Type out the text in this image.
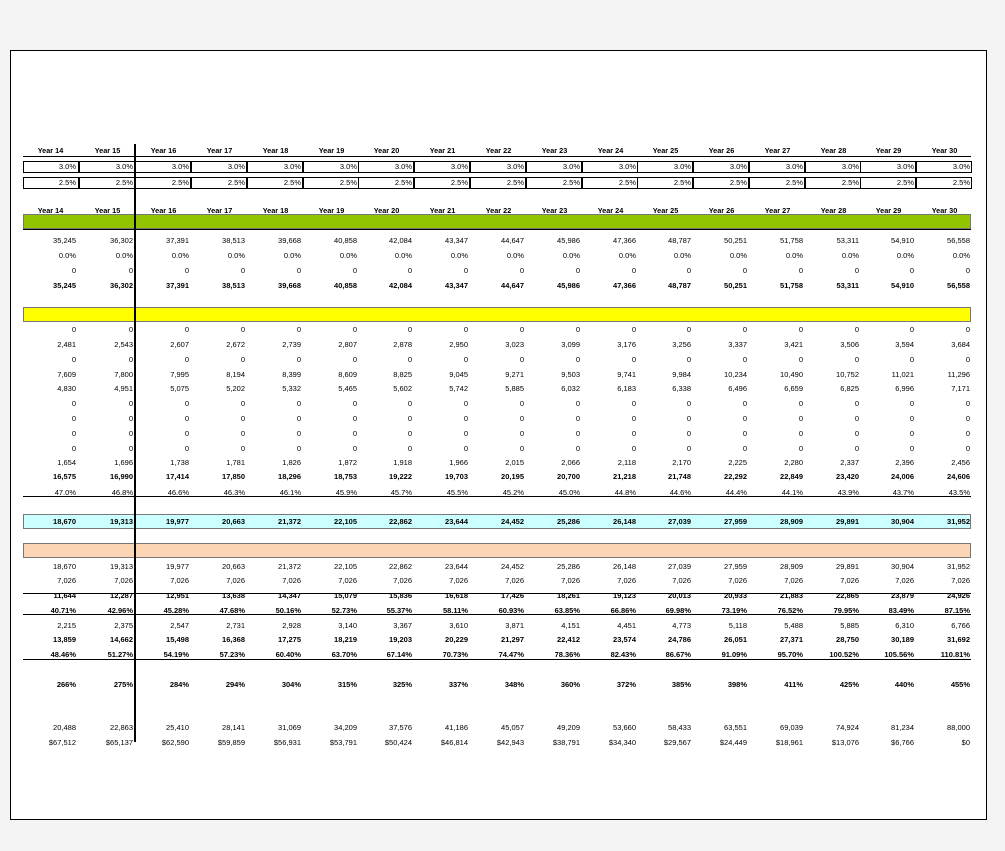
Year 14	Year 15	Year 16	Year 17	Year 18	Year 19	Year 20	Year 21	Year 22	Year 23	Year 24	Year 25	Year 26	Year 27	Year 28	Year 29	Year 30
3.0%	3.0%	3.0%	3.0%	3.0%	3.0%	3.0%	3.0%	3.0%	3.0%	3.0%	3.0%	3.0%	3.0%	3.0%	3.0%	3.0%
2.5%	2.5%	2.5%	2.5%	2.5%	2.5%	2.5%	2.5%	2.5%	2.5%	2.5%	2.5%	2.5%	2.5%	2.5%	2.5%	2.5%
Year 14	Year 15	Year 16	Year 17	Year 18	Year 19	Year 20	Year 21	Year 22	Year 23	Year 24	Year 25	Year 26	Year 27	Year 28	Year 29	Year 30
35,245	36,302	37,391	38,513	39,668	40,858	42,084	43,347	44,647	45,986	47,366	48,787	50,251	51,758	53,311	54,910	56,558
0.0%	0.0%	0.0%	0.0%	0.0%	0.0%	0.0%	0.0%	0.0%	0.0%	0.0%	0.0%	0.0%	0.0%	0.0%	0.0%	0.0%
0	0	0	0	0	0	0	0	0	0	0	0	0	0	0	0	0
35,245	36,302	37,391	38,513	39,668	40,858	42,084	43,347	44,647	45,986	47,366	48,787	50,251	51,758	53,311	54,910	56,558
0	0	0	0	0	0	0	0	0	0	0	0	0	0	0	0	0
2,481	2,543	2,607	2,672	2,739	2,807	2,878	2,950	3,023	3,099	3,176	3,256	3,337	3,421	3,506	3,594	3,684
0	0	0	0	0	0	0	0	0	0	0	0	0	0	0	0	0
7,609	7,800	7,995	8,194	8,399	8,609	8,825	9,045	9,271	9,503	9,741	9,984	10,234	10,490	10,752	11,021	11,296
4,830	4,951	5,075	5,202	5,332	5,465	5,602	5,742	5,885	6,032	6,183	6,338	6,496	6,659	6,825	6,996	7,171
0	0	0	0	0	0	0	0	0	0	0	0	0	0	0	0	0
0	0	0	0	0	0	0	0	0	0	0	0	0	0	0	0	0
0	0	0	0	0	0	0	0	0	0	0	0	0	0	0	0	0
0	0	0	0	0	0	0	0	0	0	0	0	0	0	0	0	0
1,654	1,696	1,738	1,781	1,826	1,872	1,918	1,966	2,015	2,066	2,118	2,170	2,225	2,280	2,337	2,396	2,456
16,575	16,990	17,414	17,850	18,296	18,753	19,222	19,703	20,195	20,700	21,218	21,748	22,292	22,849	23,420	24,006	24,606
47.0%	46.8%	46.6%	46.3%	46.1%	45.9%	45.7%	45.5%	45.2%	45.0%	44.8%	44.6%	44.4%	44.1%	43.9%	43.7%	43.5%
18,670	19,313	19,977	20,663	21,372	22,105	22,862	23,644	24,452	25,286	26,148	27,039	27,959	28,909	29,891	30,904	31,952
18,670	19,313	19,977	20,663	21,372	22,105	22,862	23,644	24,452	25,286	26,148	27,039	27,959	28,909	29,891	30,904	31,952
7,026	7,026	7,026	7,026	7,026	7,026	7,026	7,026	7,026	7,026	7,026	7,026	7,026	7,026	7,026	7,026	7,026
11,644	12,287	12,951	13,638	14,347	15,079	15,836	16,618	17,426	18,261	19,123	20,013	20,933	21,883	22,865	23,879	24,926
40.71%	42.96%	45.28%	47.68%	50.16%	52.73%	55.37%	58.11%	60.93%	63.85%	66.86%	69.98%	73.19%	76.52%	79.95%	83.49%	87.15%
2,215	2,375	2,547	2,731	2,928	3,140	3,367	3,610	3,871	4,151	4,451	4,773	5,118	5,488	5,885	6,310	6,766
13,859	14,662	15,498	16,368	17,275	18,219	19,203	20,229	21,297	22,412	23,574	24,786	26,051	27,371	28,750	30,189	31,692
48.46%	51.27%	54.19%	57.23%	60.40%	63.70%	67.14%	70.73%	74.47%	78.36%	82.43%	86.67%	91.09%	95.70%	100.52%	105.56%	110.81%
266%	275%	284%	294%	304%	315%	325%	337%	348%	360%	372%	385%	398%	411%	425%	440%	455%
20,488	22,863	25,410	28,141	31,069	34,209	37,576	41,186	45,057	49,209	53,660	58,433	63,551	69,039	74,924	81,234	88,000
$67,512	$65,137	$62,590	$59,859	$56,931	$53,791	$50,424	$46,814	$42,943	$38,791	$34,340	$29,567	$24,449	$18,961	$13,076	$6,766	$0
